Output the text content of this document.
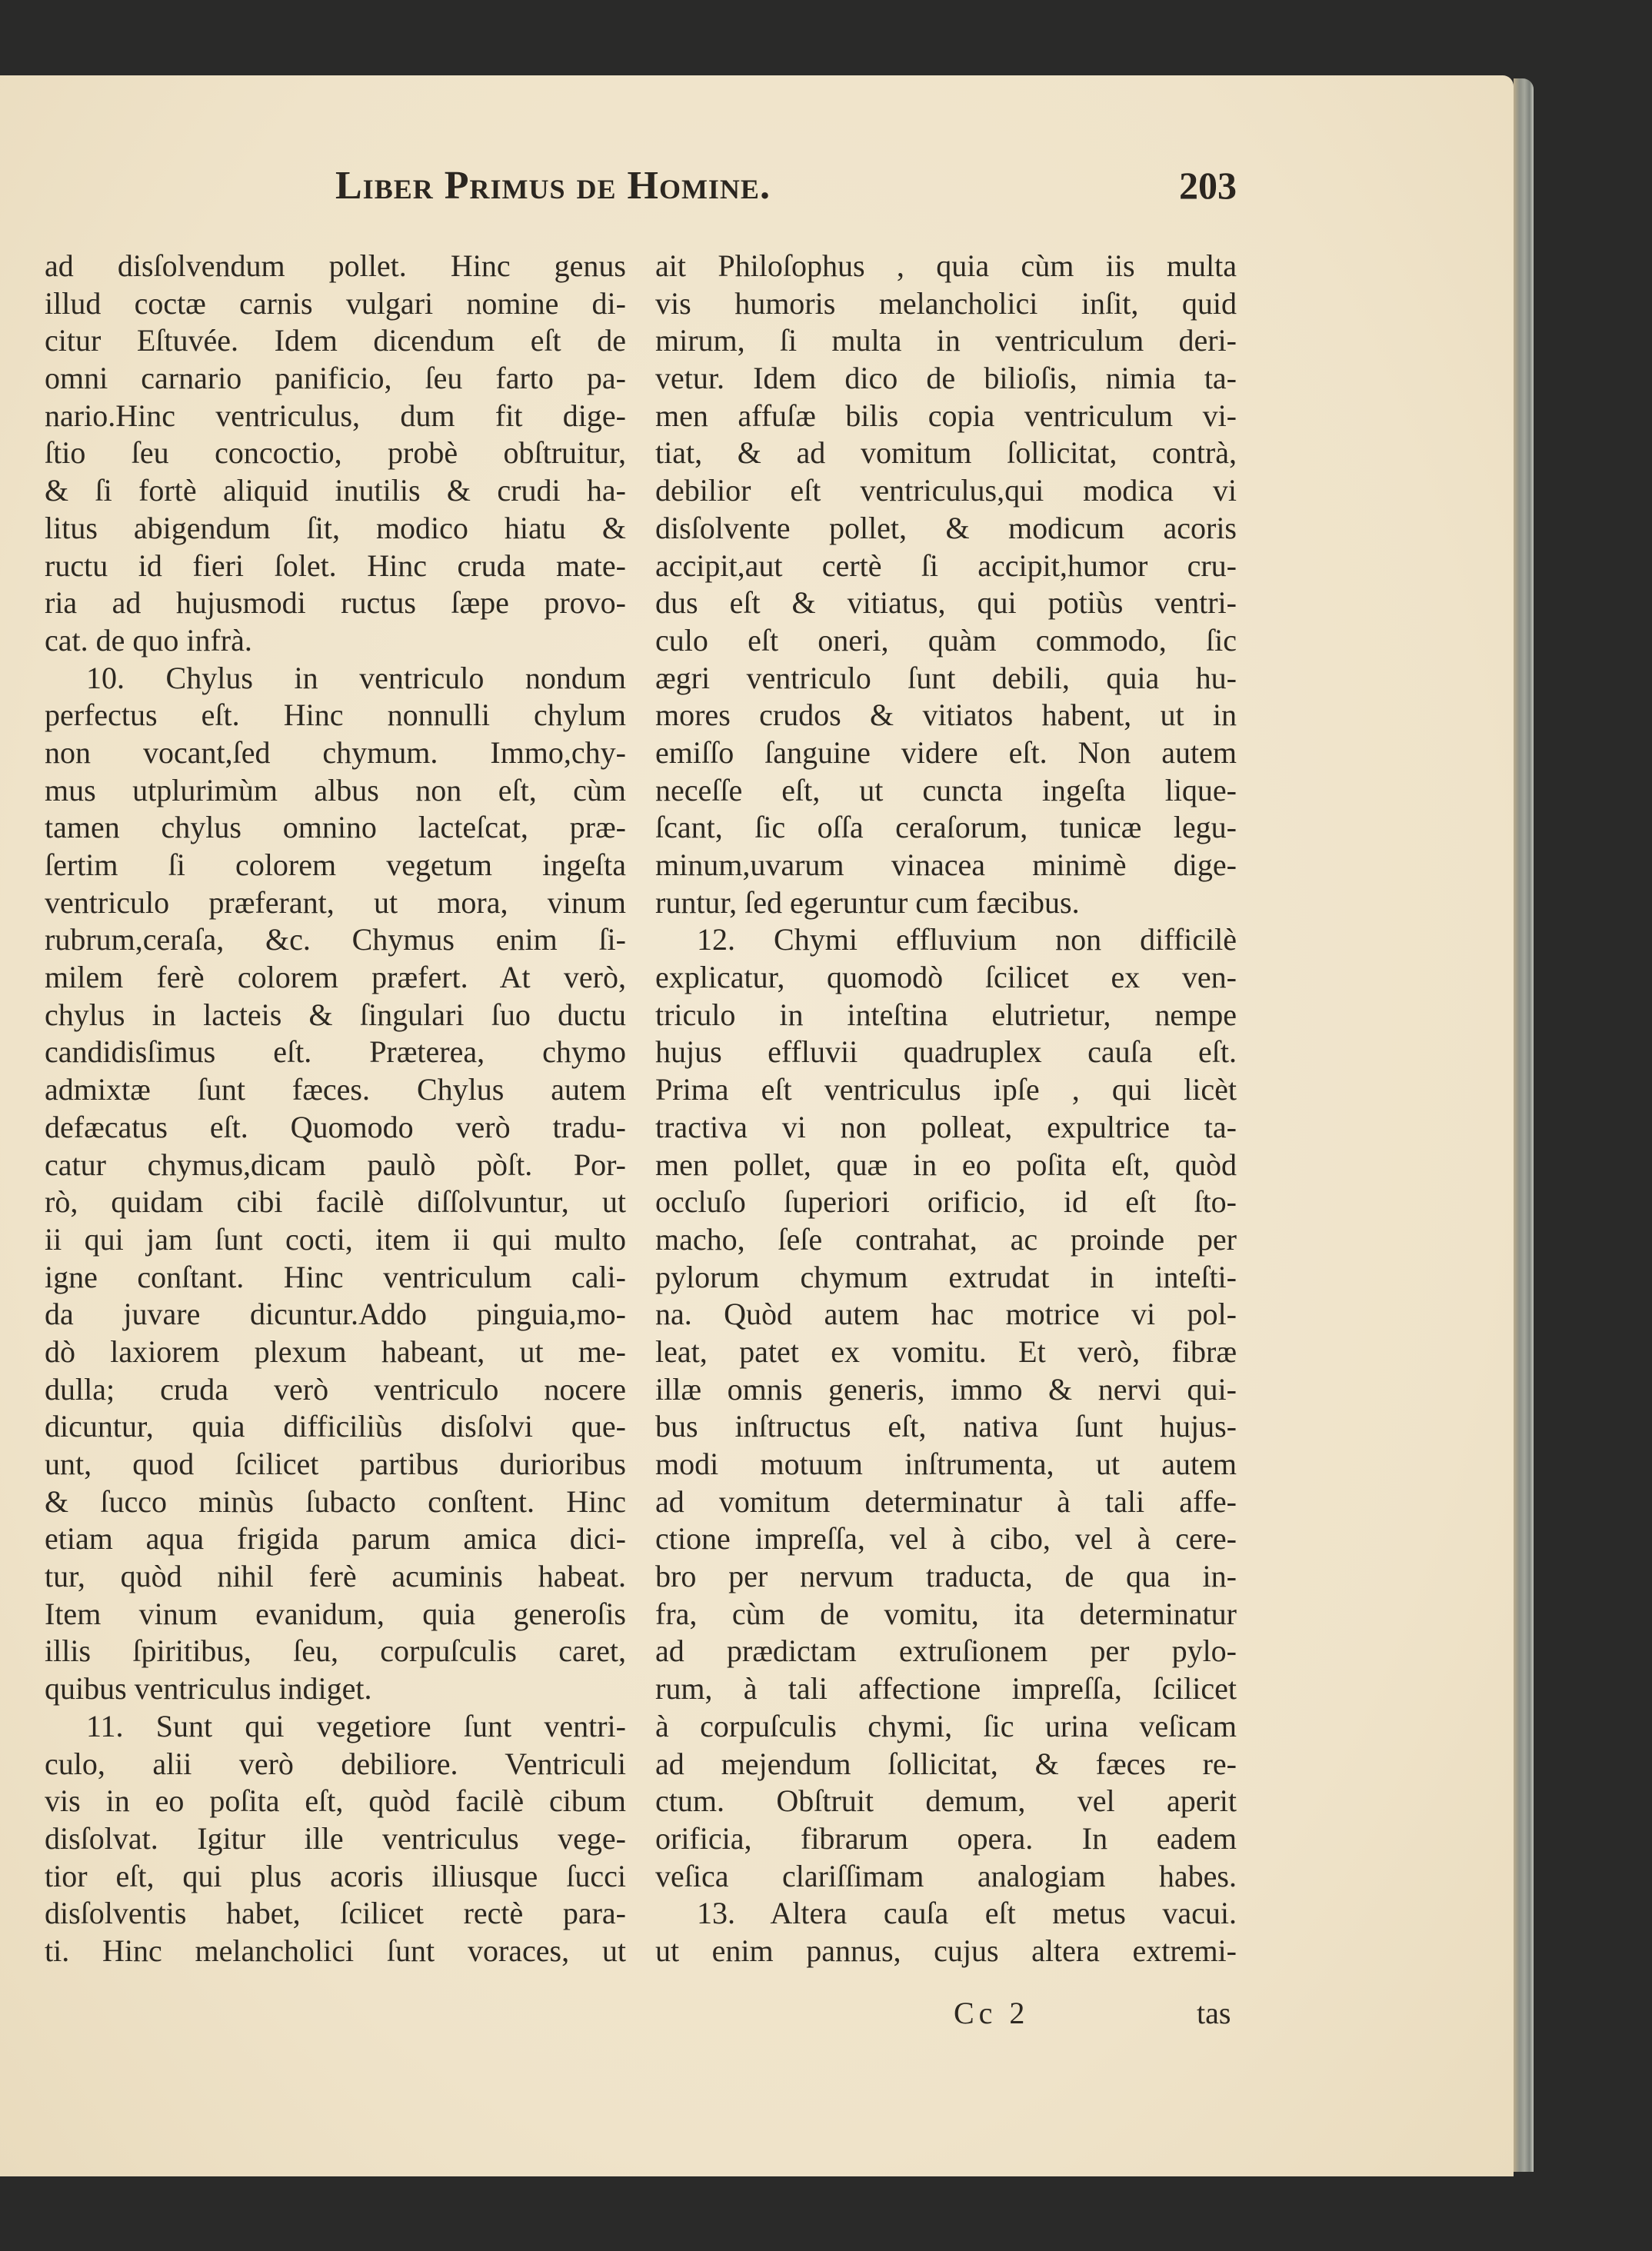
Liber Primus de Homine.	203
ad disſolvendum pollet. Hinc genus
illud coctæ carnis vulgari nomine di-
citur Eſtuvée. Idem dicendum eſt de
omni carnario panificio, ſeu farto pa-
nario.Hinc ventriculus, dum fit dige-
ſtio ſeu concoctio, probè obſtruitur,
& ſi fortè aliquid inutilis & crudi ha-
litus abigendum ſit, modico hiatu &
ructu id fieri ſolet. Hinc cruda mate-
ria ad hujusmodi ructus ſæpe provo-
cat. de quo infrà.
10. Chylus in ventriculo nondum
perfectus eſt. Hinc nonnulli chylum
non vocant,ſed chymum. Immo,chy-
mus utplurimùm albus non eſt, cùm
tamen chylus omnino lacteſcat, præ-
ſertim ſi colorem vegetum ingeſta
ventriculo præferant, ut mora, vinum
rubrum,ceraſa, &c. Chymus enim ſi-
milem ferè colorem præfert. At verò,
chylus in lacteis & ſingulari ſuo ductu
candidisſimus eſt. Præterea, chymo
admixtæ ſunt fæces. Chylus autem
defæcatus eſt. Quomodo verò tradu-
catur chymus,dicam paulò pòſt. Por-
rò, quidam cibi facilè diſſolvuntur, ut
ii qui jam ſunt cocti, item ii qui multo
igne conſtant. Hinc ventriculum cali-
da juvare dicuntur.Addo pinguia,mo-
dò laxiorem plexum habeant, ut me-
dulla; cruda verò ventriculo nocere
dicuntur, quia difficiliùs disſolvi que-
unt, quod ſcilicet partibus durioribus
& ſucco minùs ſubacto conſtent. Hinc
etiam aqua frigida parum amica dici-
tur, quòd nihil ferè acuminis habeat.
Item vinum evanidum, quia generoſis
illis ſpiritibus, ſeu, corpuſculis caret,
quibus ventriculus indiget.
11. Sunt qui vegetiore ſunt ventri-
culo, alii verò debiliore. Ventriculi
vis in eo poſita eſt, quòd facilè cibum
disſolvat. Igitur ille ventriculus vege-
tior eſt, qui plus acoris illiusque ſucci
disſolventis habet, ſcilicet rectè para-
ti. Hinc melancholici ſunt voraces, ut
ait Philoſophus , quia cùm iis multa
vis humoris melancholici inſit, quid
mirum, ſi multa in ventriculum deri-
vetur. Idem dico de bilioſis, nimia ta-
men affuſæ bilis copia ventriculum vi-
tiat, & ad vomitum ſollicitat, contrà,
debilior eſt ventriculus,qui modica vi
disſolvente pollet, & modicum acoris
accipit,aut certè ſi accipit,humor cru-
dus eſt & vitiatus, qui potiùs ventri-
culo eſt oneri, quàm commodo, ſic
ægri ventriculo ſunt debili, quia hu-
mores crudos & vitiatos habent, ut in
emiſſo ſanguine videre eſt. Non autem
neceſſe eſt, ut cuncta ingeſta lique-
ſcant, ſic oſſa ceraſorum, tunicæ legu-
minum,uvarum vinacea minimè dige-
runtur, ſed egeruntur cum fæcibus.
12. Chymi effluvium non difficilè
explicatur, quomodò ſcilicet ex ven-
triculo in inteſtina elutrietur, nempe
hujus effluvii quadruplex cauſa eſt.
Prima eſt ventriculus ipſe , qui licèt
tractiva vi non polleat, expultrice ta-
men pollet, quæ in eo poſita eſt, quòd
occluſo ſuperiori orificio, id eſt ſto-
macho, ſeſe contrahat, ac proinde per
pylorum chymum extrudat in inteſti-
na. Quòd autem hac motrice vi pol-
leat, patet ex vomitu. Et verò, fibræ
illæ omnis generis, immo & nervi qui-
bus inſtructus eſt, nativa ſunt hujus-
modi motuum inſtrumenta, ut autem
ad vomitum determinatur à tali affe-
ctione impreſſa, vel à cibo, vel à cere-
bro per nervum traducta, de qua in-
fra, cùm de vomitu, ita determinatur
ad prædictam extruſionem per pylo-
rum, à tali affectione impreſſa, ſcilicet
à corpuſculis chymi, ſic urina veſicam
ad mejendum ſollicitat, & fæces re-
ctum. Obſtruit demum, vel aperit
orificia, fibrarum opera. In eadem
veſica clariſſimam analogiam habes.
13. Altera cauſa eſt metus vacui.
ut enim pannus, cujus altera extremi-
Cc 2	tas
